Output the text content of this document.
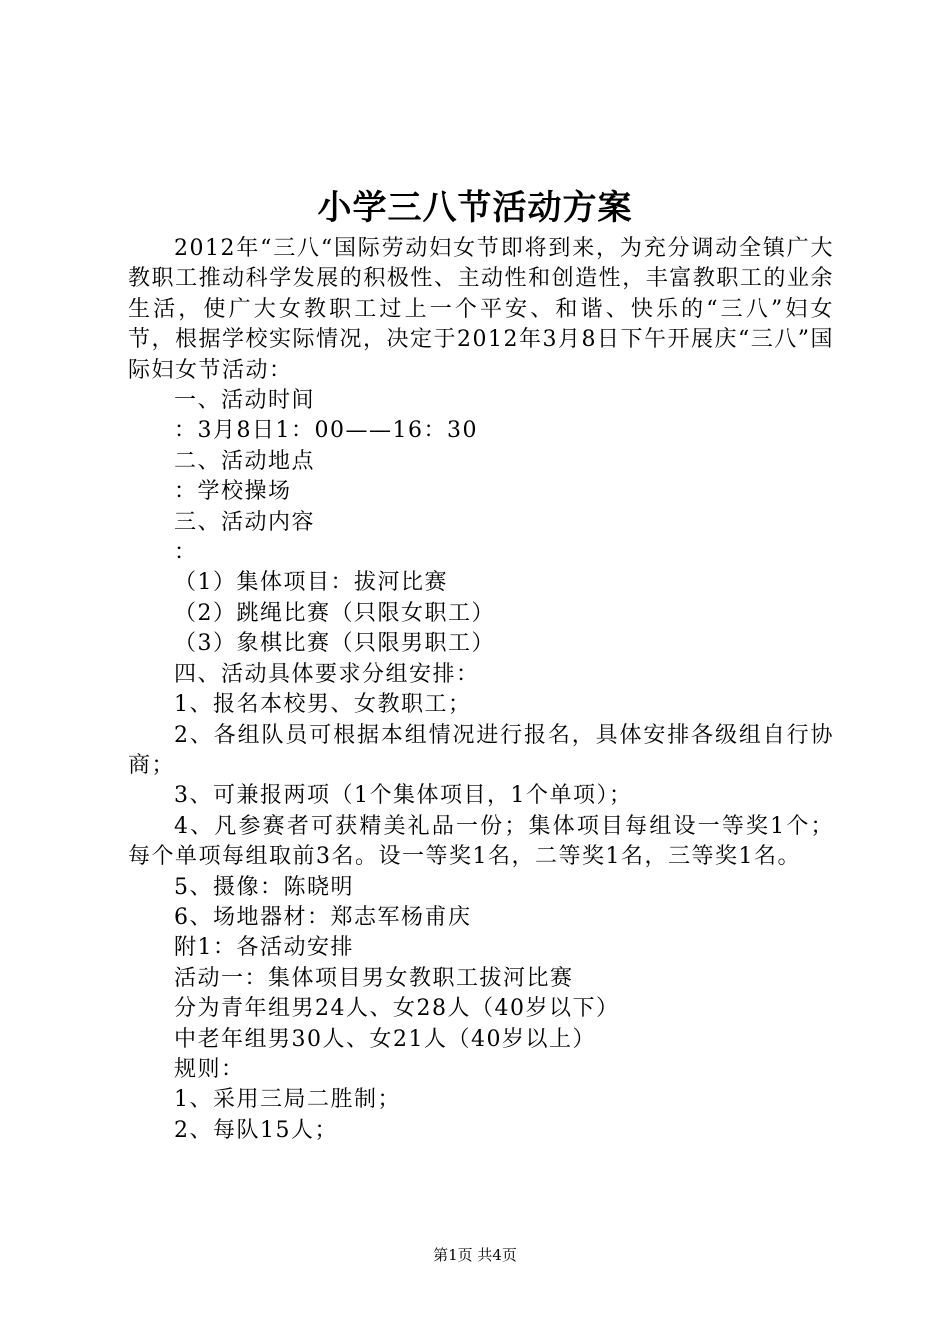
小学三八节活动方案

2012年“三八“国际劳动妇女节即将到来，为充分调动全镇广大教职工推动科学发展的积极性、主动性和创造性，丰富教职工的业余生活，使广大女教职工过上一个平安、和谐、快乐的“三八”妇女节，根据学校实际情况，决定于2012年3月8日下午开展庆“三八”国际妇女节活动：

一、活动时间

：3月8日1：00——16：30

二、活动地点

：学校操场

三、活动内容

：

（1）集体项目：拔河比赛

（2）跳绳比赛（只限女职工）

（3）象棋比赛（只限男职工）

四、活动具体要求分组安排：

1、报名本校男、女教职工；

2、各组队员可根据本组情况进行报名，具体安排各级组自行协商；

3、可兼报两项（1个集体项目，1个单项）；

4、凡参赛者可获精美礼品一份；集体项目每组设一等奖1个；每个单项每组取前3名。设一等奖1名，二等奖1名，三等奖1名。

5、摄像：陈晓明

6、场地器材：郑志军杨甫庆

附1：各活动安排

活动一：集体项目男女教职工拔河比赛

分为青年组男24人、女28人（40岁以下）

中老年组男30人、女21人（40岁以上）

规则：

1、采用三局二胜制；

2、每队15人；

第1页 共4页
